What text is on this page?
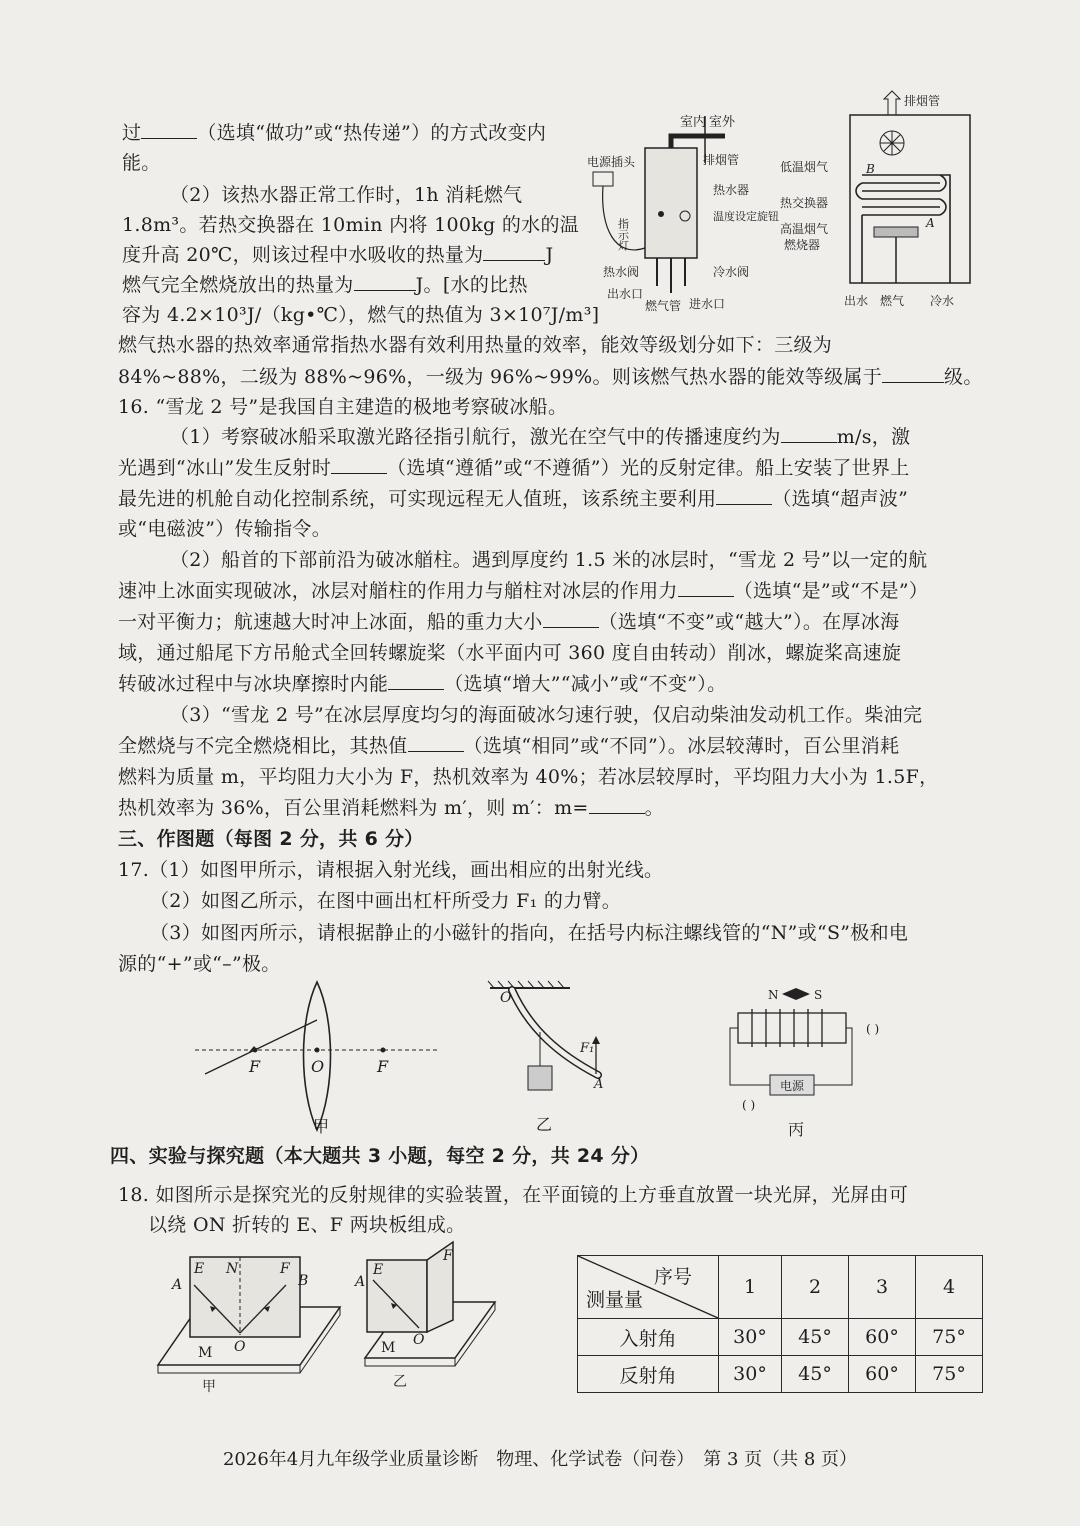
过	（选填“做功”或“热传递”）的方式改变内
能。
（2）该热水器正常工作时，1h 消耗燃气
1.8m³。若热交换器在 10min 内将 100kg 的水的温
度升高 20℃，则该过程中水吸收的热量为	J
燃气完全燃烧放出的热量为	J。[水的比热
容为 4.2×10³J/（kg•℃），燃气的热值为 3×10⁷J/m³]
燃气热水器的热效率通常指热水器有效利用热量的效率，能效等级划分如下：三级为
84%~88%，二级为 88%~96%，一级为 96%~99%。则该燃气热水器的能效等级属于	级。
室内 室外
电源插头	排烟管
指示灯
热水器
温度设定旋钮
热水阀	冷水阀
出水口
燃气管 进水口
排烟管
B
A
低温烟气
热交换器
高温烟气
燃烧器
出水 燃气 冷水
16. “雪龙 2 号”是我国自主建造的极地考察破冰船。
（1）考察破冰船采取激光路径指引航行，激光在空气中的传播速度约为	m/s，激
光遇到“冰山”发生反射时	（选填“遵循”或“不遵循”）光的反射定律。船上安装了世界上
最先进的机舱自动化控制系统，可实现远程无人值班，该系统主要利用	（选填“超声波”
或“电磁波”）传输指令。
（2）船首的下部前沿为破冰艏柱。遇到厚度约 1.5 米的冰层时，“雪龙 2 号”以一定的航
速冲上冰面实现破冰，冰层对艏柱的作用力与艏柱对冰层的作用力	（选填“是”或“不是”）
一对平衡力；航速越大时冲上冰面，船的重力大小	（选填“不变”或“越大”）。在厚冰海
域，通过船尾下方吊舱式全回转螺旋桨（水平面内可 360 度自由转动）削冰，螺旋桨高速旋
转破冰过程中与冰块摩擦时内能	（选填“增大”“减小”或“不变”）。
（3）“雪龙 2 号”在冰层厚度均匀的海面破冰匀速行驶，仅启动柴油发动机工作。柴油完
全燃烧与不完全燃烧相比，其热值	（选填“相同”或“不同”）。冰层较薄时，百公里消耗
燃料为质量 m，平均阻力大小为 F，热机效率为 40%；若冰层较厚时，平均阻力大小为 1.5F，
热机效率为 36%，百公里消耗燃料为 m′，则 m′：m=	。
三、作图题（每图 2 分，共 6 分）
17.（1）如图甲所示，请根据入射光线，画出相应的出射光线。
（2）如图乙所示，在图中画出杠杆所受力 F₁ 的力臂。
（3）如图丙所示，请根据静止的小磁针的指向，在括号内标注螺线管的“N”或“S”极和电
源的“+”或“–”极。
F	O	F
甲
O
F₁
A
乙
N	S
( )
电源
( )
丙
四、实验与探究题（本大题共 3 小题，每空 2 分，共 24 分）
18. 如图所示是探究光的反射规律的实验装置，在平面镜的上方垂直放置一块光屏，光屏由可
以绕 ON 折转的 E、F 两块板组成。
E N	F
A	B
O
M
甲
E
F
A
O
M
乙
序号
测量量	1	2	3	4
入射角	30°	45°	60°	75°
反射角	30°	45°	60°	75°
2026年4月九年级学业质量诊断　物理、化学试卷（问卷）　第 3 页（共 8 页）
